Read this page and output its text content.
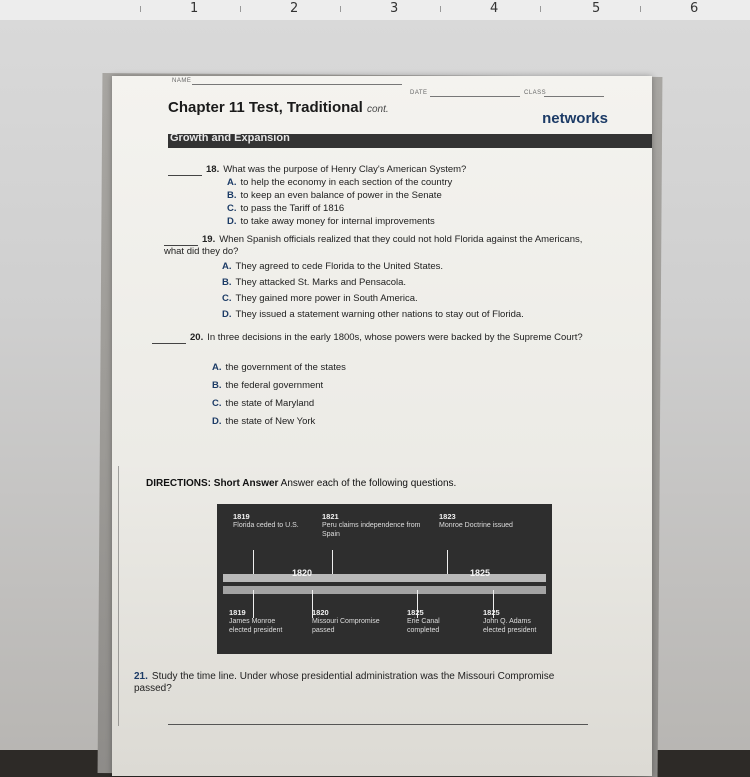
1	2	3	4	5	6
NAME
DATE	CLASS
Chapter 11 Test, Traditional cont.
networks
Growth and Expansion
18. What was the purpose of Henry Clay's American System?
A. to help the economy in each section of the country
B. to keep an even balance of power in the Senate
C. to pass the Tariff of 1816
D. to take away money for internal improvements
19. When Spanish officials realized that they could not hold Florida against the Americans, what did they do?
A. They agreed to cede Florida to the United States.
B. They attacked St. Marks and Pensacola.
C. They gained more power in South America.
D. They issued a statement warning other nations to stay out of Florida.
20. In three decisions in the early 1800s, whose powers were backed by the Supreme Court?
A. the government of the states
B. the federal government
C. the state of Maryland
D. the state of New York
DIRECTIONS: Short Answer Answer each of the following questions.
1819
Florida ceded to U.S.
1821
Peru claims independence from Spain
1823
Monroe Doctrine issued
1820	1825
1819
James Monroe elected president
1820
Missouri Compromise passed
1825
Erie Canal completed
1825
John Q. Adams elected president
21. Study the time line. Under whose presidential administration was the Missouri Compromise passed?
